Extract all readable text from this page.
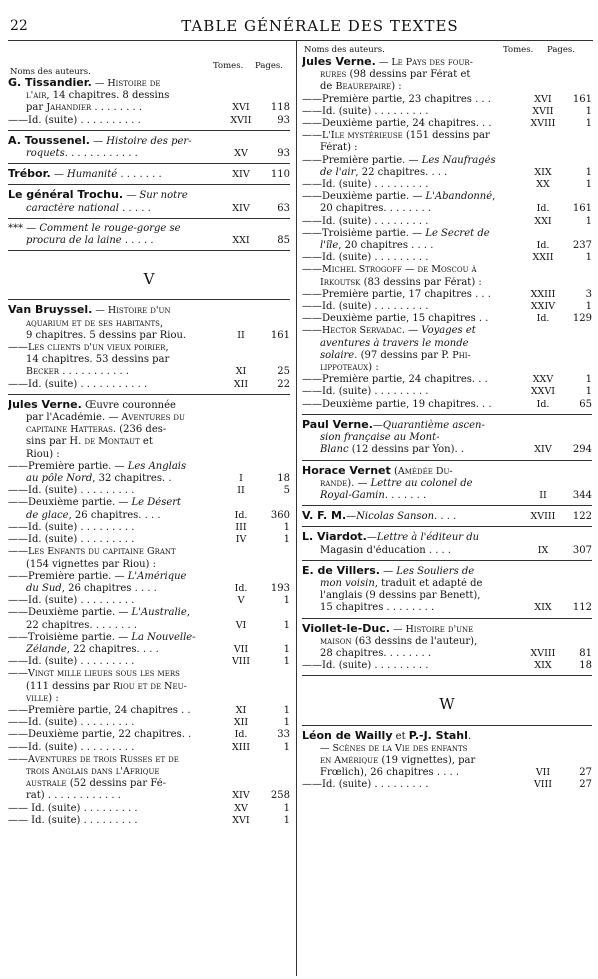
22	TABLE GÉNÉRALE DES TEXTES
Noms des auteurs.
Tomes. Pages.
Noms des auteurs.	Tomes. Pages.
G. Tissandier. — Histoire de
l'air, 14 chapitres. 8 dessins
par Jahandier . . . . . . . .	XVI	118
——Id. (suite) . . . . . . . . . .	XVII	93
A. Toussenel. — Histoire des per-
roquets. . . . . . . . . . . .	XV	93
Trébor. — Humanité . . . . . . .	XIV	110
Le général Trochu. — Sur notre
caractère national . . . . .	XIV	63
*** — Comment le rouge-gorge se
procura de la laine . . . . .	XXI	85
V
Van Bruyssel. — Histoire d'un
aquarium et de ses habitants,
9 chapitres. 5 dessins par Riou.	II	161
——Les clients d'un vieux poirier,
14 chapitres. 53 dessins par
Becker . . . . . . . . . . .	XI	25
——Id. (suite) . . . . . . . . . . .	XII	22
Jules Verne. Œuvre couronnée
par l'Académie. — Aventures du
capitaine Hatteras. (236 des-
sins par H. de Montaut et
Riou) :
——Première partie. — Les Anglais
au pôle Nord, 32 chapitres. .	I	18
——Id. (suite) . . . . . . . . .	II	5
——Deuxième partie. — Le Désert
de glace, 26 chapitres. . . .	Id.	360
——Id. (suite) . . . . . . . . .	III	1
——Id. (suite) . . . . . . . . .	IV	1
——Les Enfants du capitaine Grant
(154 vignettes par Riou) :
——Première partie. — L'Amérique
du Sud, 26 chapitres . . . .	Id.	193
——Id. (suite) . . . . . . . . .	V	1
——Deuxième partie. — L'Australie,
22 chapitres. . . . . . . .	VI	1
——Troisième partie. — La Nouvelle-
Zélande, 22 chapitres. . . .	VII	1
——Id. (suite) . . . . . . . . .	VIII	1
——Vingt mille lieues sous les mers
(111 dessins par Riou et de Neu-
ville) :
——Première partie, 24 chapitres . .	XI	1
——Id. (suite) . . . . . . . . .	XII	1
——Deuxième partie, 22 chapitres. .	Id.	33
——Id. (suite) . . . . . . . . .	XIII	1
——Aventures de trois Russes et de
trois Anglais dans l'Afrique
australe (52 dessins par Fé-
rat) . . . . . . . . . . . .	XIV	258
—— Id. (suite) . . . . . . . . .	XV	1
—— Id. (suite) . . . . . . . . .	XVI	1
Jules Verne. — Le Pays des four-
rures (98 dessins par Férat et
de Beaurepaire) :
——Première partie, 23 chapitres . . .	XVI	161
——Id. (suite) . . . . . . . . .	XVII	1
——Deuxième partie, 24 chapitres. . .	XVIII	1
——L'Île mystérieuse (151 dessins par
Férat) :
——Première partie. — Les Naufragés
de l'air, 22 chapitres. . . .	XIX	1
——Id. (suite) . . . . . . . . .	XX	1
——Deuxième partie. — L'Abandonné,
20 chapitres. . . . . . . .	Id.	161
——Id. (suite) . . . . . . . . .	XXI	1
——Troisième partie. — Le Secret de
l'île, 20 chapitres . . . .	Id.	237
——Id. (suite) . . . . . . . . .	XXII	1
——Michel Strogoff — de Moscou à
Irkoutsk (83 dessins par Férat) :
——Première partie, 17 chapitres . . .	XXIII	3
——Id. (suite) . . . . . . . . .	XXIV	1
——Deuxième partie, 15 chapitres . .	Id.	129
——Hector Servadac. — Voyages et
aventures à travers le monde
solaire. (97 dessins par P. Phi-
lippoteaux) :
——Première partie, 24 chapitres. . .	XXV	1
——Id. (suite) . . . . . . . . .	XXVI	1
——Deuxième partie, 19 chapitres. . .	Id.	65
Paul Verne.—Quarantième ascen-
sion française au Mont-
Blanc (12 dessins par Yon). .	XIV	294
Horace Vernet (Amédée Du-
rande). — Lettre au colonel de
Royal-Gamin. . . . . . .	II	344
V. F. M.—Nicolas Sanson. . . .	XVIII	122
L. Viardot.—Lettre à l'éditeur du
Magasin d'éducation . . . .	IX	307
E. de Villers. — Les Souliers de
mon voisin, traduit et adapté de
l'anglais (9 dessins par Benett),
15 chapitres . . . . . . . .	XIX	112
Viollet-le-Duc. — Histoire d'une
maison (63 dessins de l'auteur),
28 chapitres. . . . . . . .	XVIII	81
——Id. (suite) . . . . . . . . .	XIX	18
W
Léon de Wailly et P.-J. Stahl.
— Scènes de la Vie des enfants
en Amérique (19 vignettes), par
Frœlich), 26 chapitres . . . .	VII	27
——Id. (suite) . . . . . . . . .	VIII	27
